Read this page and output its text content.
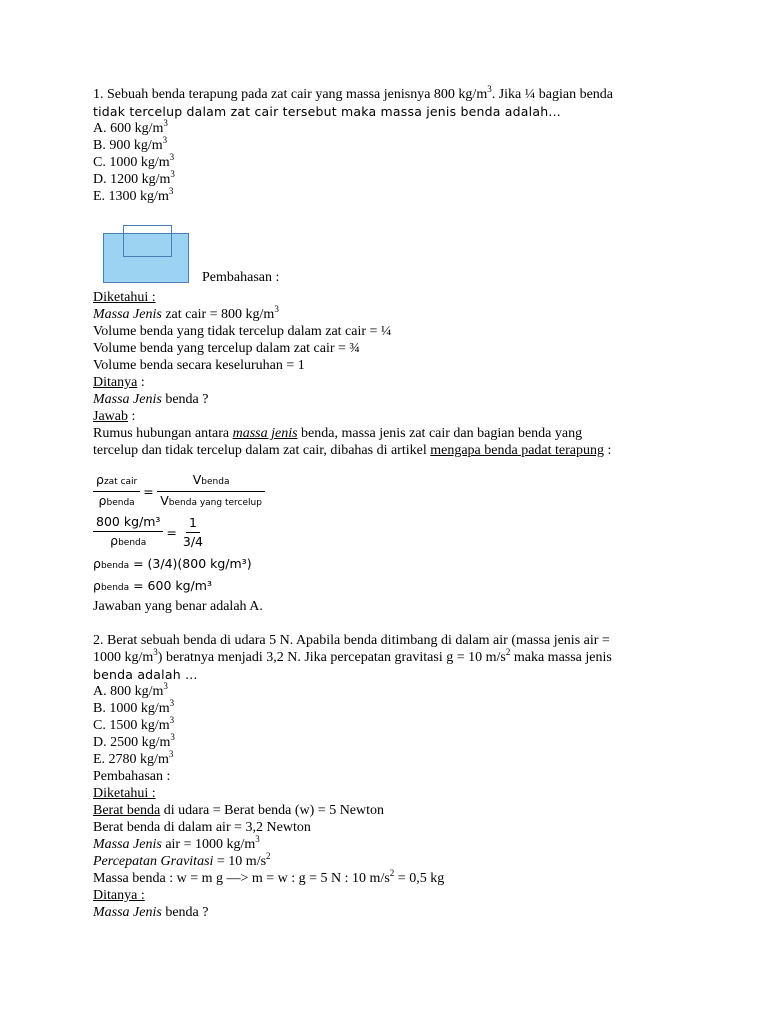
1. Sebuah benda terapung pada zat cair yang massa jenisnya 800 $kg/m^3$. Jika ¼ bagian benda
tidak tercelup dalam zat cair tersebut maka massa jenis benda adalah…
A. 600 $kg/m^3$
B. 900 $kg/m^3$
C. 1000 $kg/m^3$
D. 1200 $kg/m^3$
E. 1300 $kg/m^3$
Pembahasan :
Diketahui :
Massa Jenis zat cair = 800 $kg/m^3$
Volume benda yang tidak tercelup dalam zat cair = ¼
Volume benda yang tercelup dalam zat cair = ¾
Volume benda secara keseluruhan = 1
Ditanya :
Massa Jenis benda ?
Jawab :
Rumus hubungan antara massa jenis benda, massa jenis zat cair dan bagian benda yang
tercelup dan tidak tercelup dalam zat cair, dibahas di artikel mengapa benda padat terapung :
$\frac{\text{ρzat cair}}{\text{ρbenda}} = \frac{\text{Vbenda}}{\text{Vbenda yang tercelup}}$
$\frac{\text{800 kg/m³}}{\text{ρbenda}} = \frac{1}{3/4}$
ρbenda = (3/4)(800 kg/m³)
ρbenda = 600 kg/m³
Jawaban yang benar adalah A.
2. Berat sebuah benda di udara 5 N. Apabila benda ditimbang di dalam air (massa jenis air =
1000 $kg/m^3$) beratnya menjadi 3,2 N. Jika percepatan gravitasi g = 10 $m/s^2$ maka massa jenis
benda adalah …
A. 800 $kg/m^3$
B. 1000 $kg/m^3$
C. 1500 $kg/m^3$
D. 2500 $kg/m^3$
E. 2780 $kg/m^3$
Pembahasan :
Diketahui :
Berat benda di udara = Berat benda (w) = 5 Newton
Berat benda di dalam air = 3,2 Newton
Massa Jenis air = 1000 $kg/m^3$
Percepatan Gravitasi = 10 $m/s^2$
Massa benda : w = m g —> m = w : g = 5 N : 10 $m/s^2 = 0,5$ kg
Ditanya :
Massa Jenis benda ?
